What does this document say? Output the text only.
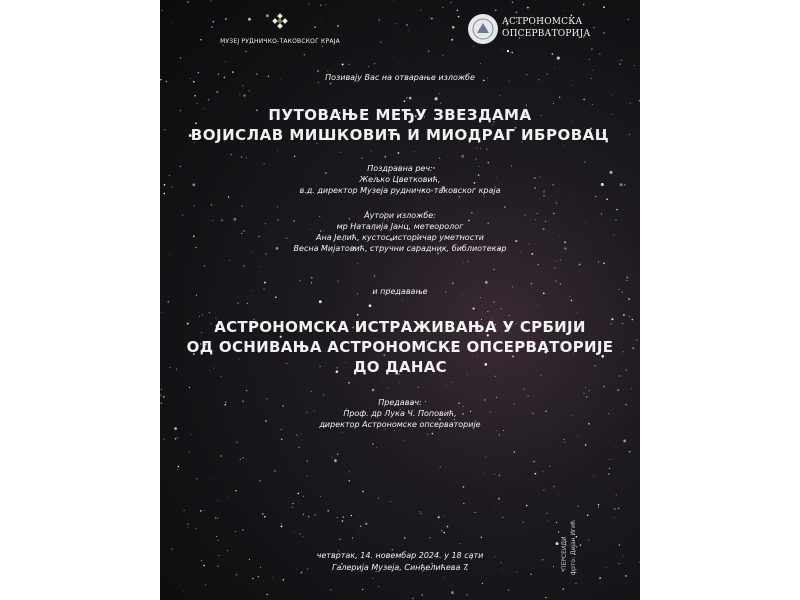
МУЗЕЈ РУДНИЧКО-ТАКОВСКОГ КРАЈА
АСТРОНОМСКА
ОПСЕРВАТОРИЈА
Позивају Вас на отварање изложбе
ПУТОВАЊЕ МЕЂУ ЗВЕЗДАМА
ВОЈИСЛАВ МИШКОВИЋ И МИОДРАГ ИБРОВАЦ
Поздравна реч:
Жељко Цветковић,
в.д. директор Музеја рудничко-таковског краја
Аутори изложбе:
мр Наталија Јанц, метеоролог
Ана Јелић, кустос историчар уметности
Весна Мијатовић, стручни сарадник, библиотекар
и предавање
АСТРОНОМСКА ИСТРАЖИВАЊА У СРБИЈИ
ОД ОСНИВАЊА АСТРОНОМСКЕ ОПСЕРВАТОРИЈЕ
ДО ДАНАС
Предавач:
Проф. др Лука Ч. Поповић,
директор Астрономске опсерваторије
четвртак, 14. новембар 2024. у 18 сати
Галерија Музеја, Синђелићева 7	ПЕРСЕИДИ фото: Дејан Игић
